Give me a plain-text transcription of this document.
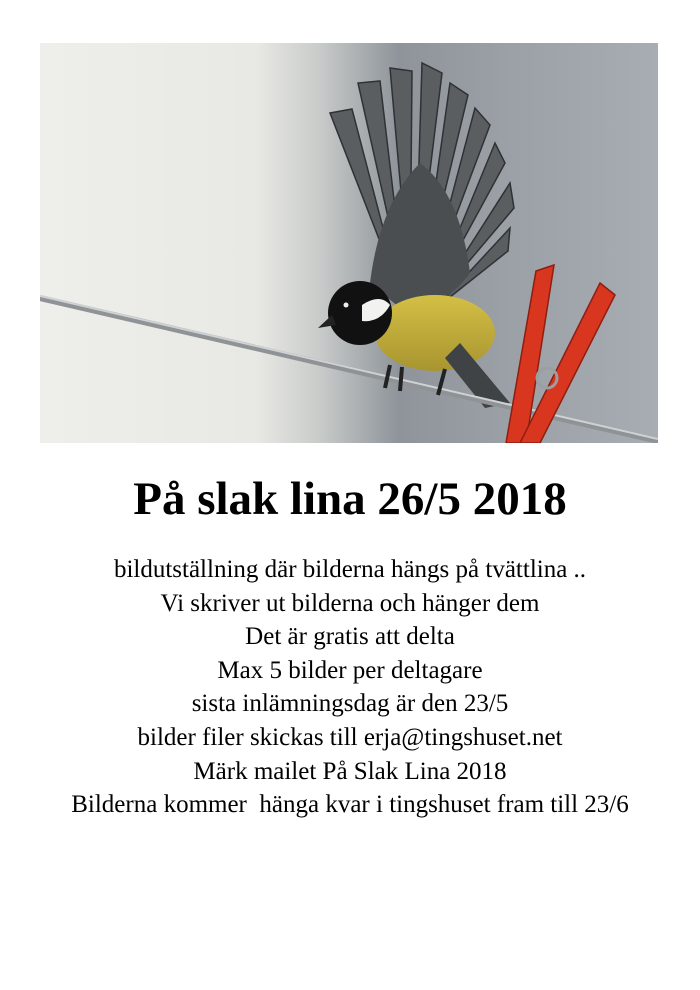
På slak lina 26/5 2018
bildutställning där bilderna hängs på tvättlina ..
Vi skriver ut bilderna och hänger dem
Det är gratis att delta
Max 5 bilder per deltagare
sista inlämningsdag är den 23/5
bilder filer skickas till erja@tingshuset.net
Märk mailet På Slak Lina 2018
Bilderna kommer  hänga kvar i tingshuset fram till 23/6
